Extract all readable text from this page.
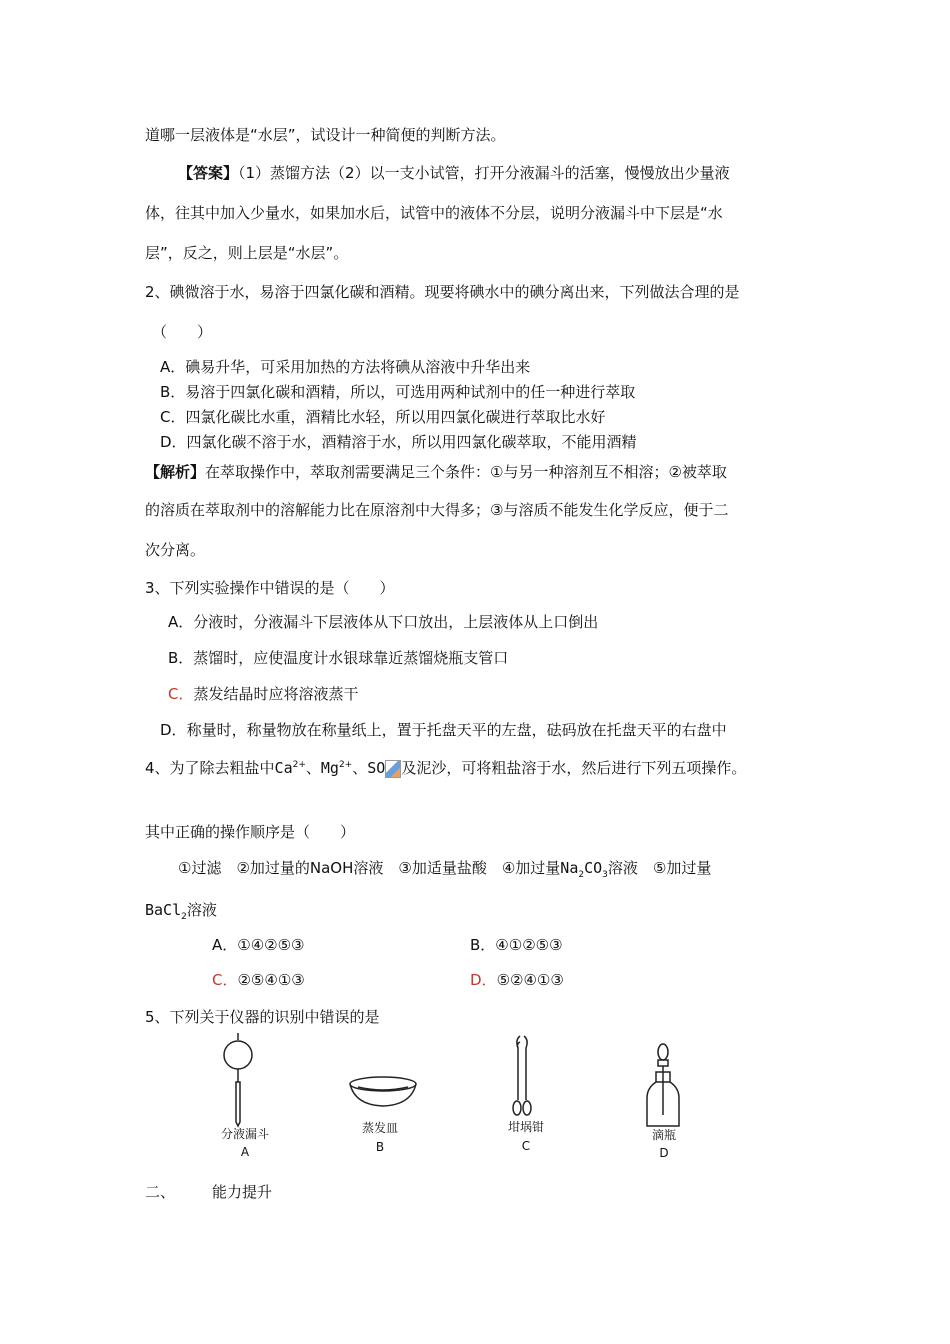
道哪一层液体是“水层”，试设计一种简便的判断方法。
【答案】（1）蒸馏方法（2）以一支小试管，打开分液漏斗的活塞，慢慢放出少量液
体，往其中加入少量水，如果加水后，试管中的液体不分层，说明分液漏斗中下层是“水
层”，反之，则上层是“水层”。
2、碘微溶于水，易溶于四氯化碳和酒精。现要将碘水中的碘分离出来，下列做法合理的是
（　　）
A．碘易升华，可采用加热的方法将碘从溶液中升华出来
B．易溶于四氯化碳和酒精，所以，可选用两种试剂中的任一种进行萃取
C．四氯化碳比水重，酒精比水轻，所以用四氯化碳进行萃取比水好
D．四氯化碳不溶于水，酒精溶于水，所以用四氯化碳萃取，不能用酒精
【解析】在萃取操作中，萃取剂需要满足三个条件：①与另一种溶剂互不相溶；②被萃取
的溶质在萃取剂中的溶解能力比在原溶剂中大得多；③与溶质不能发生化学反应，便于二
次分离。
3、下列实验操作中错误的是（　　）
A．分液时，分液漏斗下层液体从下口放出，上层液体从上口倒出
B．蒸馏时，应使温度计水银球靠近蒸馏烧瓶支管口
C．蒸发结晶时应将溶液蒸干
D．称量时，称量物放在称量纸上，置于托盘天平的左盘，砝码放在托盘天平的右盘中
4、为了除去粗盐中$Ca^{2+}$、$Mg^{2+}$、SO 及泥沙，可将粗盐溶于水，然后进行下列五项操作。
其中正确的操作顺序是（　　）
①过滤　②加过量的NaOH溶液　③加适量盐酸　④加过量$Na_2CO_3$溶液　⑤加过量
BaCl$_2$溶液
A．①④②⑤③	B．④①②⑤③
C．②⑤④①③	D．⑤②④①③
5、下列关于仪器的识别中错误的是
分液漏斗
A
蒸发皿
B
坩埚钳
C
滴瓶
D
二、 能力提升
